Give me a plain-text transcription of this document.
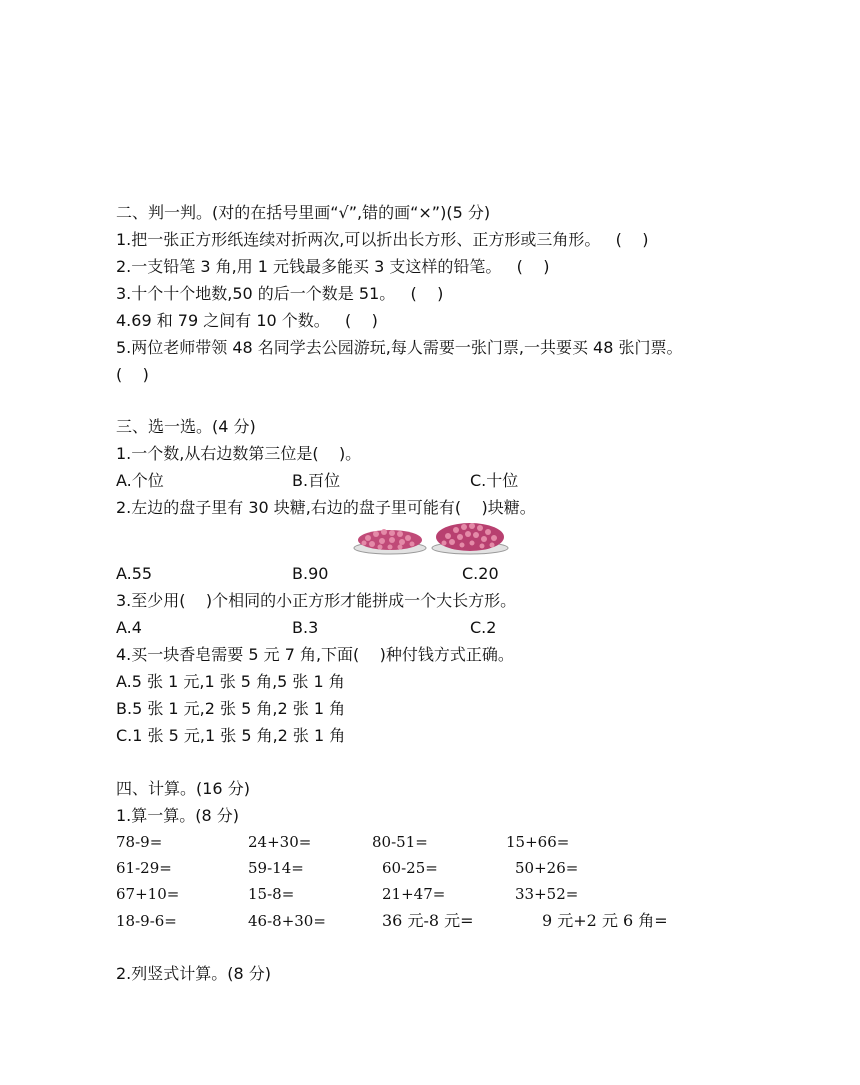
二、判一判。(对的在括号里画“√”,错的画“×”)(5 分)
1.把一张正方形纸连续对折两次,可以折出长方形、正方形或三角形。   (    )
2.一支铅笔 3 角,用 1 元钱最多能买 3 支这样的铅笔。   (    )
3.十个十个地数,50 的后一个数是 51。   (    )
4.69 和 79 之间有 10 个数。   (    )
5.两位老师带领 48 名同学去公园游玩,每人需要一张门票,一共要买 48 张门票。
(    )
三、选一选。(4 分)
1.一个数,从右边数第三位是(    )。
A.个位	B.百位	C.十位
2.左边的盘子里有 30 块糖,右边的盘子里可能有(    )块糖。
A.55	B.90	C.20
3.至少用(    )个相同的小正方形才能拼成一个大长方形。
A.4	B.3	C.2
4.买一块香皂需要 5 元 7 角,下面(    )种付钱方式正确。
A.5 张 1 元,1 张 5 角,5 张 1 角
B.5 张 1 元,2 张 5 角,2 张 1 角
C.1 张 5 元,1 张 5 角,2 张 1 角
四、计算。(16 分)
1.算一算。(8 分)
78-9=	24+30=	80-51=	15+66=
61-29=	59-14=	60-25=	50+26=
67+10=	15-8=	21+47=	33+52=
18-9-6=	46-8+30=	36 元-8 元=	9 元+2 元 6 角=
2.列竖式计算。(8 分)
